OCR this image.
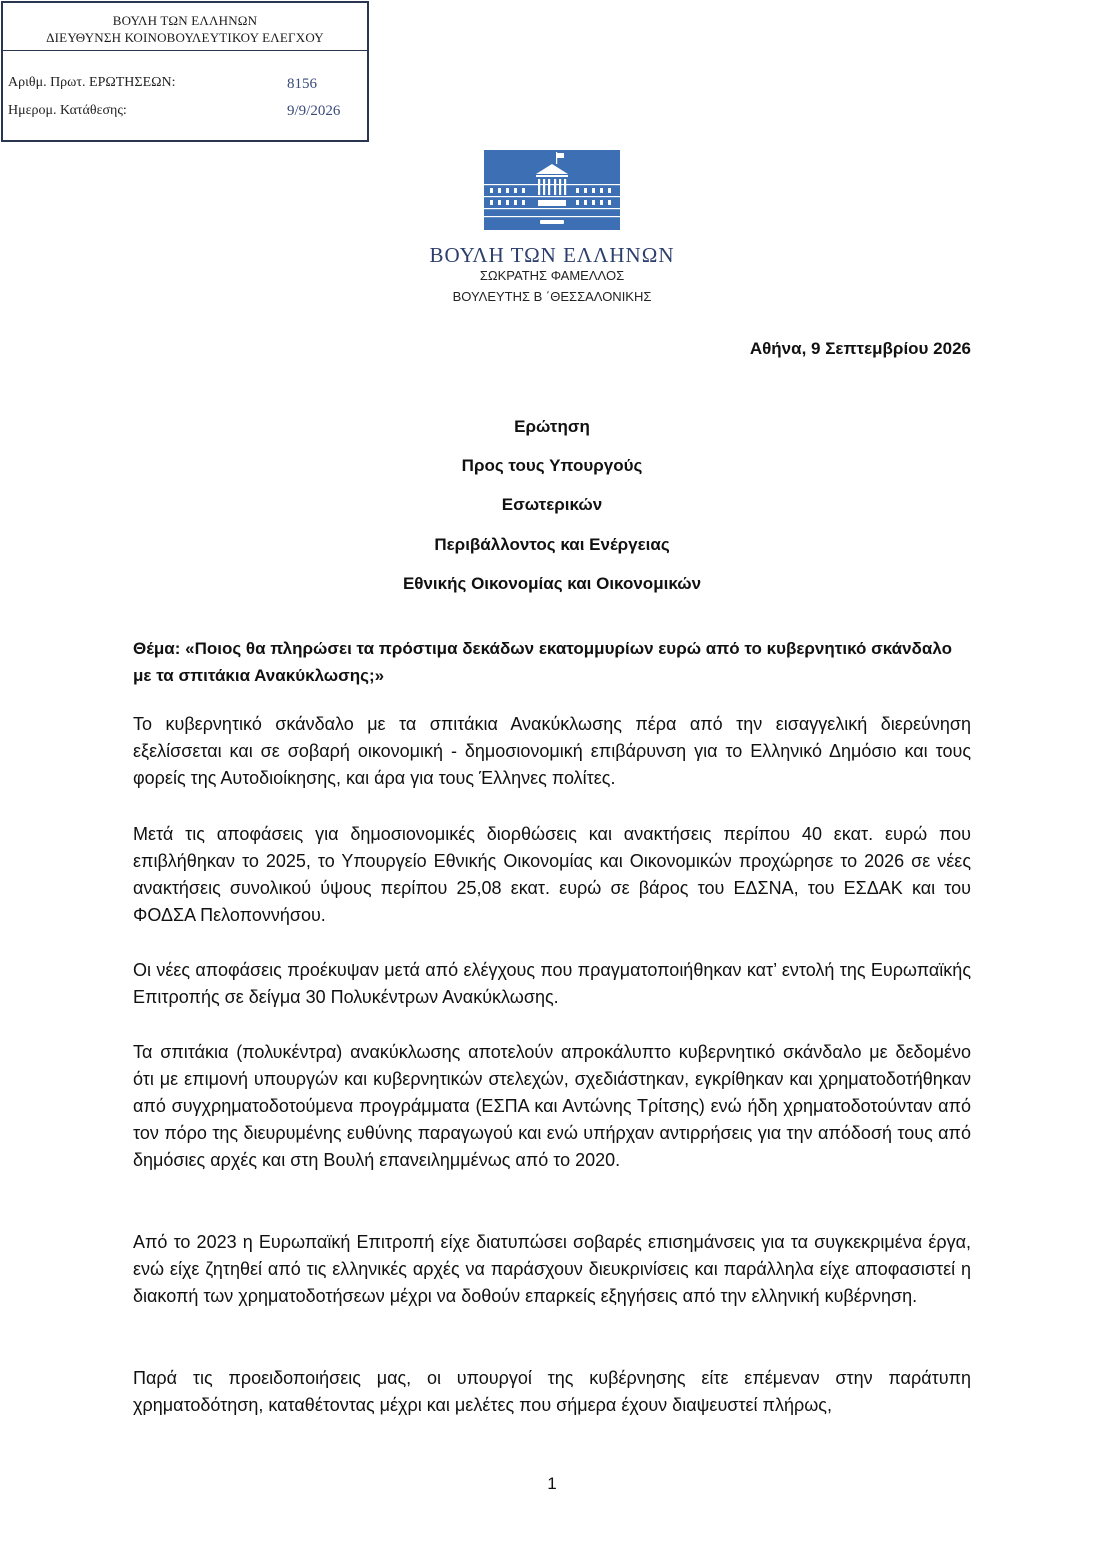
ΒΟΥΛΗ ΤΩΝ ΕΛΛΗΝΩΝ
ΔΙΕΥΘΥΝΣΗ ΚΟΙΝΟΒΟΥΛΕΥΤΙΚΟΥ ΕΛΕΓΧΟΥ
Αριθμ. Πρωτ. ΕΡΩΤΗΣΕΩΝ:	8156
Ημερομ. Κατάθεσης:	9/9/2026
ΒΟΥΛΗ ΤΩΝ ΕΛΛΗΝΩΝ
ΣΩΚΡΑΤΗΣ ΦΑΜΕΛΛΟΣ
ΒΟΥΛΕΥΤΗΣ Β ΄ΘΕΣΣΑΛΟΝΙΚΗΣ
Αθήνα, 9 Σεπτεμβρίου 2026
Ερώτηση
Προς τους Υπουργούς
Εσωτερικών
Περιβάλλοντος και Ενέργειας
Εθνικής Οικονομίας και Οικονομικών
Θέμα: «Ποιος θα πληρώσει τα πρόστιμα δεκάδων εκατομμυρίων ευρώ από το κυβερνητικό σκάνδαλο με τα σπιτάκια Ανακύκλωσης;»
Το κυβερνητικό σκάνδαλο με τα σπιτάκια Ανακύκλωσης πέρα από την εισαγγελική διερεύνηση εξελίσσεται και σε σοβαρή οικονομική - δημοσιονομική επιβάρυνση για το Ελληνικό Δημόσιο και τους φορείς της Αυτοδιοίκησης, και άρα για τους Έλληνες πολίτες.
Μετά τις αποφάσεις για δημοσιονομικές διορθώσεις και ανακτήσεις περίπου 40 εκατ. ευρώ που επιβλήθηκαν το 2025, το Υπουργείο Εθνικής Οικονομίας και Οικονομικών προχώρησε το 2026 σε νέες ανακτήσεις συνολικού ύψους περίπου 25,08 εκατ. ευρώ σε βάρος του ΕΔΣΝΑ, του ΕΣΔΑΚ και του ΦΟΔΣΑ Πελοποννήσου.
Οι νέες αποφάσεις προέκυψαν μετά από ελέγχους που πραγματοποιήθηκαν κατ’ εντολή της Ευρωπαϊκής Επιτροπής σε δείγμα 30 Πολυκέντρων Ανακύκλωσης.
Τα σπιτάκια (πολυκέντρα) ανακύκλωσης αποτελούν απροκάλυπτο κυβερνητικό σκάνδαλο με δεδομένο ότι με επιμονή υπουργών και κυβερνητικών στελεχών, σχεδιάστηκαν, εγκρίθηκαν και χρηματοδοτήθηκαν από συγχρηματοδοτούμενα προγράμματα (ΕΣΠΑ και Αντώνης Τρίτσης) ενώ ήδη χρηματοδοτούνταν από τον πόρο της διευρυμένης ευθύνης παραγωγού και ενώ υπήρχαν αντιρρήσεις για την απόδοσή τους από δημόσιες αρχές και στη Βουλή επανειλημμένως από το 2020.
Από το 2023 η Ευρωπαϊκή Επιτροπή είχε διατυπώσει σοβαρές επισημάνσεις για τα συγκεκριμένα έργα, ενώ είχε ζητηθεί από τις ελληνικές αρχές να παράσχουν διευκρινίσεις και παράλληλα είχε αποφασιστεί η διακοπή των χρηματοδοτήσεων μέχρι να δοθούν επαρκείς εξηγήσεις από την ελληνική κυβέρνηση.
Παρά τις προειδοποιήσεις μας, οι υπουργοί της κυβέρνησης είτε επέμεναν στην παράτυπη χρηματοδότηση, καταθέτοντας μέχρι και μελέτες που σήμερα έχουν διαψευστεί πλήρως,
1
